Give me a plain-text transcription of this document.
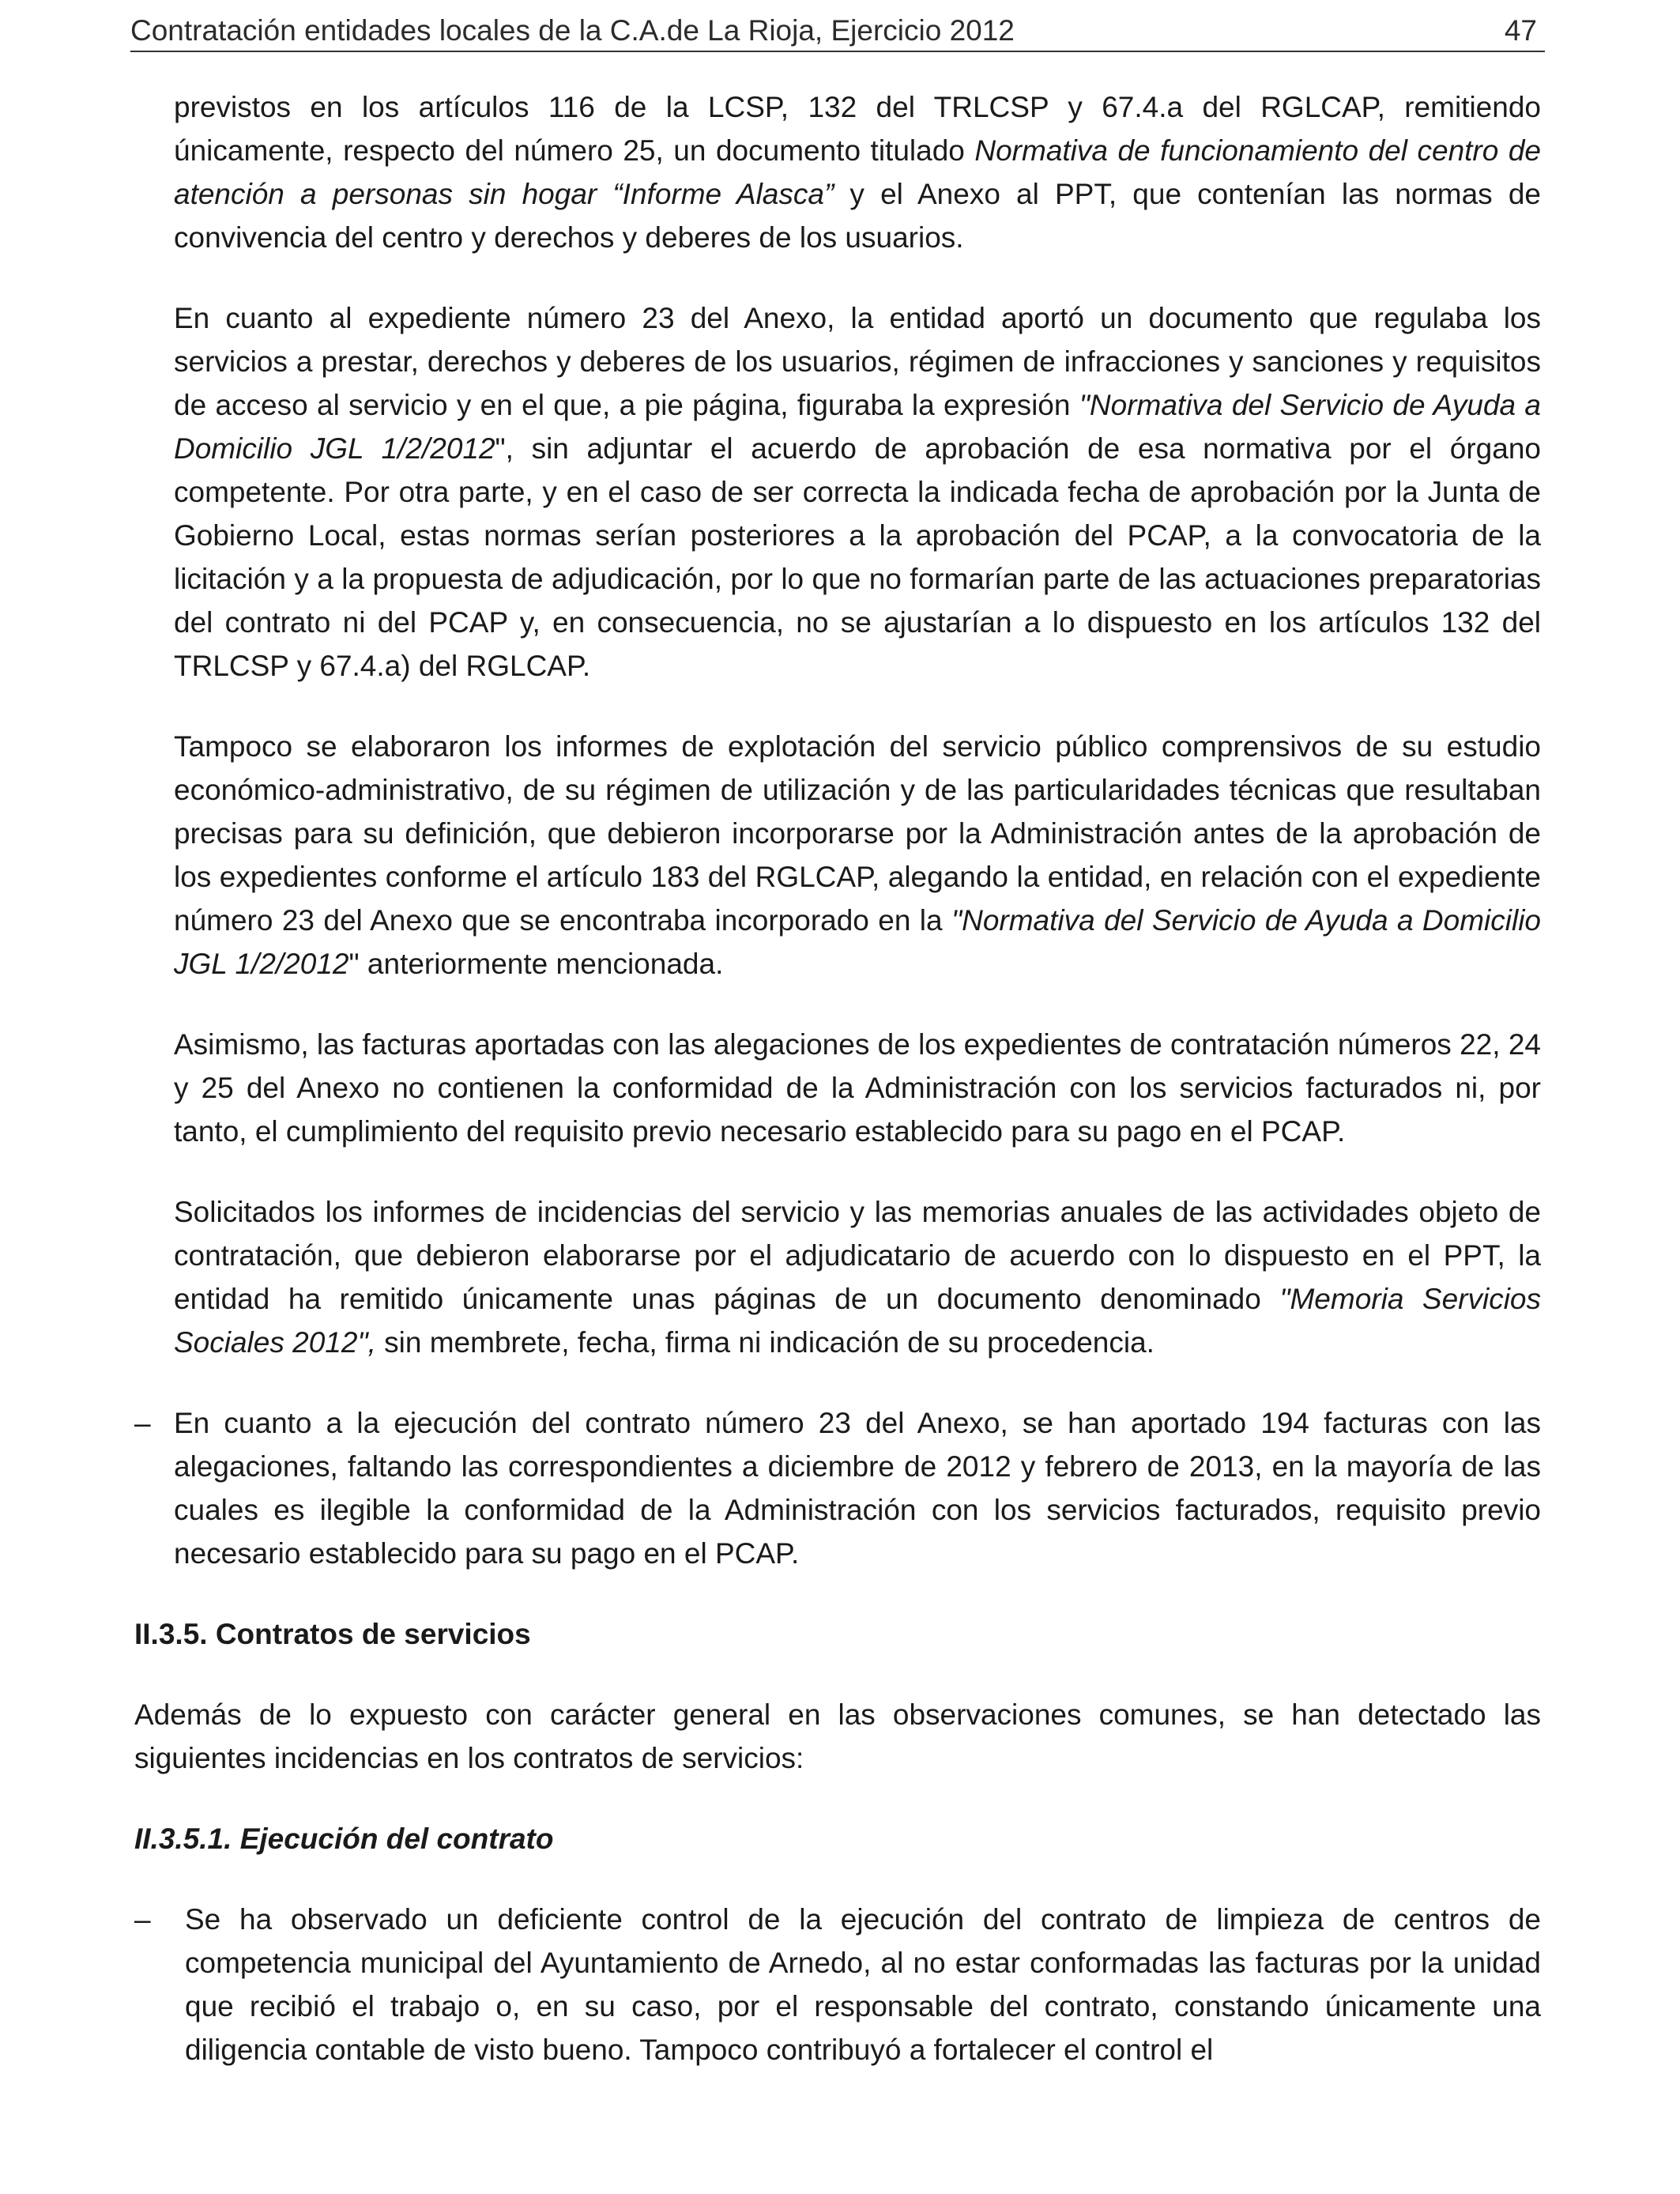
Contratación entidades locales de la C.A.de La Rioja, Ejercicio 2012	47

previstos en los artículos 116 de la LCSP, 132 del TRLCSP y 67.4.a del RGLCAP, remitiendo únicamente, respecto del número 25, un documento titulado Normativa de funcionamiento del centro de atención a personas sin hogar “Informe Alasca” y el Anexo al PPT, que contenían las normas de convivencia del centro y derechos y deberes de los usuarios.

En cuanto al expediente número 23 del Anexo, la entidad aportó un documento que regulaba los servicios a prestar, derechos y deberes de los usuarios, régimen de infracciones y sanciones y requisitos de acceso al servicio y en el que, a pie página, figuraba la expresión "Normativa del Servicio de Ayuda a Domicilio JGL 1/2/2012", sin adjuntar el acuerdo de aprobación de esa normativa por el órgano competente. Por otra parte, y en el caso de ser correcta la indicada fecha de aprobación por la Junta de Gobierno Local, estas normas serían posteriores a la aprobación del PCAP, a la convocatoria de la licitación y a la propuesta de adjudicación, por lo que no formarían parte de las actuaciones preparatorias del contrato ni del PCAP y, en consecuencia, no se ajustarían a lo dispuesto en los artículos 132 del TRLCSP y 67.4.a) del RGLCAP.

Tampoco se elaboraron los informes de explotación del servicio público comprensivos de su estudio económico-administrativo, de su régimen de utilización y de las particularidades técnicas que resultaban precisas para su definición, que debieron incorporarse por la Administración antes de la aprobación de los expedientes conforme el artículo 183 del RGLCAP, alegando la entidad, en relación con el expediente número 23 del Anexo que se encontraba incorporado en la "Normativa del Servicio de Ayuda a Domicilio JGL 1/2/2012" anteriormente mencionada.

Asimismo, las facturas aportadas con las alegaciones de los expedientes de contratación números 22, 24 y 25 del Anexo no contienen la conformidad de la Administración con los servicios facturados ni, por tanto, el cumplimiento del requisito previo necesario establecido para su pago en el PCAP.

Solicitados los informes de incidencias del servicio y las memorias anuales de las actividades objeto de contratación, que debieron elaborarse por el adjudicatario de acuerdo con lo dispuesto en el PPT, la entidad ha remitido únicamente unas páginas de un documento denominado "Memoria Servicios Sociales 2012", sin membrete, fecha, firma ni indicación de su procedencia.

– En cuanto a la ejecución del contrato número 23 del Anexo, se han aportado 194 facturas con las alegaciones, faltando las correspondientes a diciembre de 2012 y febrero de 2013, en la mayoría de las cuales es ilegible la conformidad de la Administración con los servicios facturados, requisito previo necesario establecido para su pago en el PCAP.

II.3.5. Contratos de servicios

Además de lo expuesto con carácter general en las observaciones comunes, se han detectado las siguientes incidencias en los contratos de servicios:

II.3.5.1. Ejecución del contrato
– Se ha observado un deficiente control de la ejecución del contrato de limpieza de centros de competencia municipal del Ayuntamiento de Arnedo, al no estar conformadas las facturas por la unidad que recibió el trabajo o, en su caso, por el responsable del contrato, constando únicamente una diligencia contable de visto bueno. Tampoco contribuyó a fortalecer el control el
